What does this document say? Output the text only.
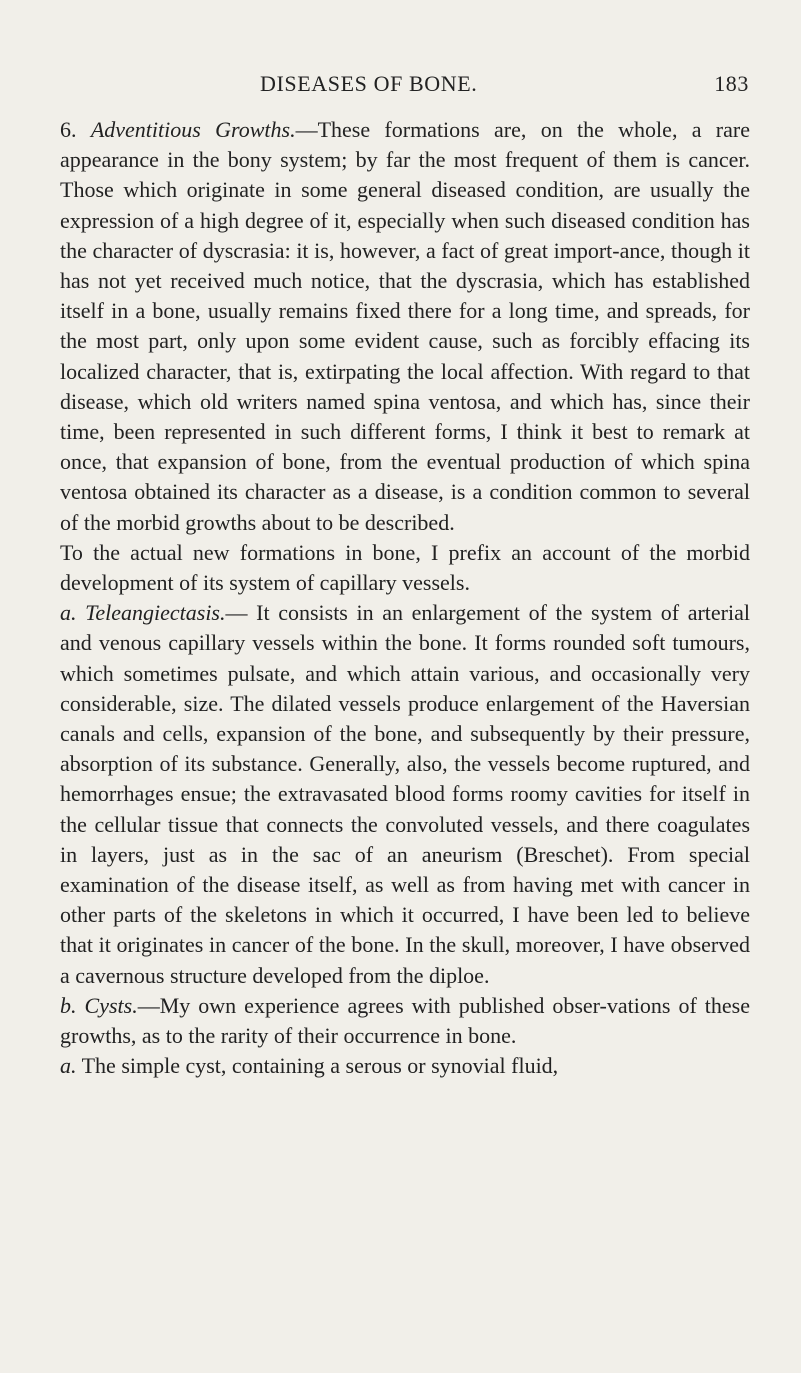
DISEASES OF BONE.	183

6. Adventitious Growths.—These formations are, on the whole, a rare appearance in the bony system; by far the most frequent of them is cancer. Those which originate in some general diseased condition, are usually the expression of a high degree of it, especially when such diseased condition has the character of dyscrasia: it is, however, a fact of great import-ance, though it has not yet received much notice, that the dyscrasia, which has established itself in a bone, usually remains fixed there for a long time, and spreads, for the most part, only upon some evident cause, such as forcibly effacing its localized character, that is, extirpating the local affection. With regard to that disease, which old writers named spina ventosa, and which has, since their time, been represented in such different forms, I think it best to remark at once, that expansion of bone, from the eventual production of which spina ventosa obtained its character as a disease, is a condition common to several of the morbid growths about to be described.

To the actual new formations in bone, I prefix an account of the morbid development of its system of capillary vessels.

a. Teleangiectasis.— It consists in an enlargement of the system of arterial and venous capillary vessels within the bone. It forms rounded soft tumours, which sometimes pulsate, and which attain various, and occasionally very considerable, size. The dilated vessels produce enlargement of the Haversian canals and cells, expansion of the bone, and subsequently by their pressure, absorption of its substance. Generally, also, the vessels become ruptured, and hemorrhages ensue; the extravasated blood forms roomy cavities for itself in the cellular tissue that connects the convoluted vessels, and there coagulates in layers, just as in the sac of an aneurism (Breschet). From special examination of the disease itself, as well as from having met with cancer in other parts of the skeletons in which it occurred, I have been led to believe that it originates in cancer of the bone. In the skull, moreover, I have observed a cavernous structure developed from the diploe.

b. Cysts.—My own experience agrees with published obser-vations of these growths, as to the rarity of their occurrence in bone.

a. The simple cyst, containing a serous or synovial fluid,
